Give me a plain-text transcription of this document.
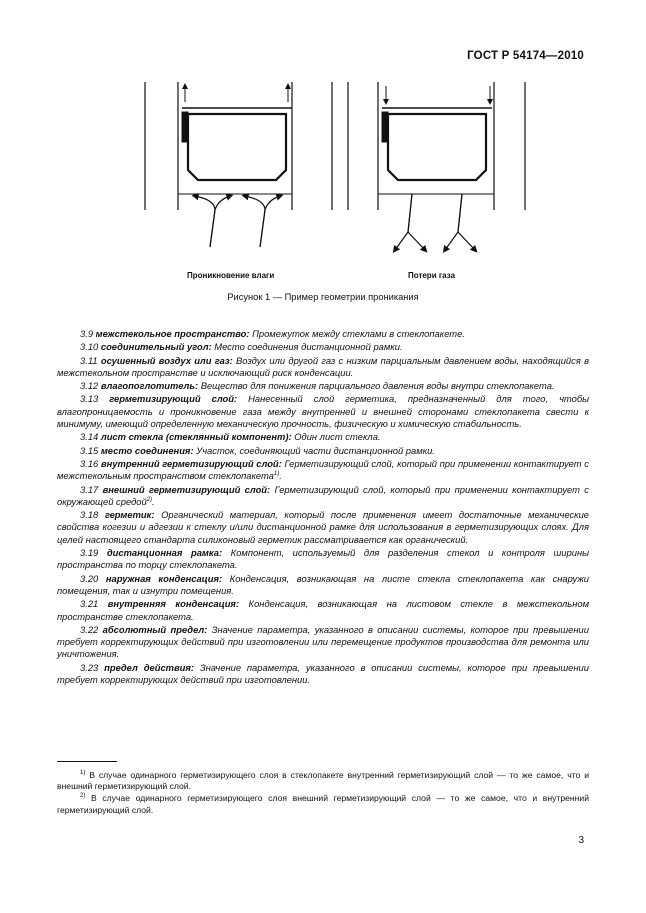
ГОСТ Р 54174—2010
Проникновение влаги	Потери газа
Рисунок 1 — Пример геометрии проникания

3.9 межстекольное пространство: Промежуток между стеклами в стеклопакете.

3.10 соединительный угол: Место соединения дистанционной рамки.

3.11 осушенный воздух или газ: Воздух или другой газ с низким парциальным давлением воды, находящийся в межстекольном пространстве и исключающий риск конденсации.

3.12 влагопоглотитель: Вещество для понижения парциального давления воды внутри стеклопакета.

3.13 герметизирующий слой: Нанесенный слой герметика, предназначенный для того, чтобы влагопроницаемость и проникновение газа между внутренней и внешней сторонами стеклопакета свести к минимуму, имеющий определенную механическую прочность, физическую и химическую стабильность.

3.14 лист стекла (стеклянный компонент): Один лист стекла.

3.15 место соединения: Участок, соединяющий части дистанционной рамки.

3.16 внутренний герметизирующий слой: Герметизирующий слой, который при применении контактирует с межстекольным пространством стеклопакета$^{1)}$.

3.17 внешний герметизирующий слой: Герметизирующий слой, который при применении контактирует с окружающей средой$^{2)}$.

3.18 герметик: Органический материал, который после применения имеет достаточные механические свойства когезии и адгезии к стеклу и/или дистанционной рамке для использования в герметизирующих слоях. Для целей настоящего стандарта силиконовый герметик рассматривается как органический.

3.19 дистанционная рамка: Компонент, используемый для разделения стекол и контроля ширины пространства по торцу стеклопакета.

3.20 наружная конденсация: Конденсация, возникающая на листе стекла стеклопакета как снаружи помещения, так и изнутри помещения.

3.21 внутренняя конденсация: Конденсация, возникающая на листовом стекле в межстекольном пространстве стеклопакета.

3.22 абсолютный предел: Значение параметра, указанного в описании системы, которое при превышении требует корректирующих действий при изготовлении или перемещение продуктов производства для ремонта или уничтожения.

3.23 предел действия: Значение параметра, указанного в описании системы, которое при превышении требует корректирующих действий при изготовлении.

$^{1)}$ В случае одинарного герметизирующего слоя в стеклопакете внутренний герметизирующий слой — то же самое, что и внешний герметизирующий слой.

$^{2)}$ В случае одинарного герметизирующего слоя внешний герметизирующий слой — то же самое, что и внутренний герметизирующий слой.

3
